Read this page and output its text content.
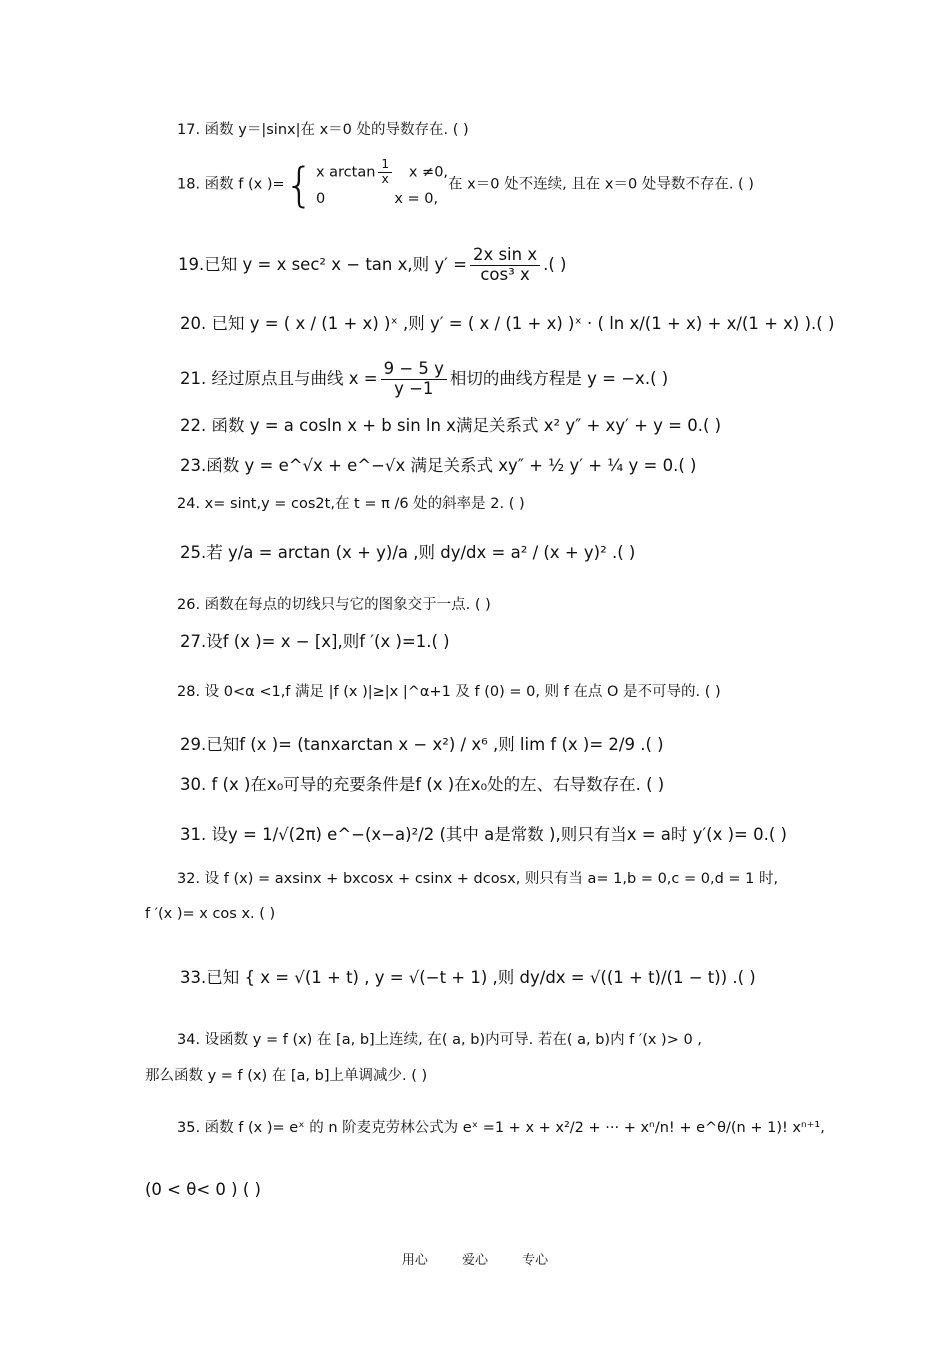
17. 函数 y＝|sinx|在 x＝0 处的导数存在. ( )
18. 函数 f (x )={ x $\arctan \frac{1}{x}$ x ≠0,
0	x = 0,
在 x＝0 处不连续, 且在 x＝0 处导数不存在. ( )
19.已知 y = x sec² x − tan x,则 $y' = \frac{\text{2x sin x}}{\text{cos³ x}}$ .( )
20. 已知 y = ( x / (1 + x) )ˣ ,则 y′ = ( x / (1 + x) )ˣ · ( ln x/(1 + x) + x/(1 + x) ).( )
21. 经过原点且与曲线 $x = \frac{9 - 5 y}{y -1}$ 相切的曲线方程是 y = −x.( )
22. 函数 y = a cosln x + b sin ln x满足关系式 x² y″ + xy′ + y = 0.( )
23.函数 y = e^√x + e^−√x 满足关系式 xy″ + ½ y′ + ¼ y = 0.( )
24. x= sint,y = cos2t,在 t = π /6 处的斜率是 2. ( )
25.若 y/a = arctan (x + y)/a ,则 dy/dx = a² / (x + y)² .( )
26. 函数在每点的切线只与它的图象交于一点. ( )
27.设f (x )= x − [x],则f ′(x )=1.( )
28. 设 0<α <1,f 满足 |f (x )|≥|x |^α+1 及 f (0) = 0, 则 f 在点 O 是不可导的. ( )
29.已知f (x )= (tanxarctan x − x²) / x⁶ ,则 lim f (x )= 2/9 .( )
30. f (x )在x₀可导的充要条件是f (x )在x₀处的左、右导数存在. ( )
31. 设y = 1/√(2π) e^−(x−a)²/2 (其中 a是常数 ),则只有当x = a时 y′(x )= 0.( )
32. 设 f (x) = axsinx + bxcosx + csinx + dcosx, 则只有当 a= 1,b = 0,c = 0,d = 1 时,
f ′(x )= x cos x. ( )
33.已知 { x = √(1 + t) , y = √(−t + 1) ,则 dy/dx = √((1 + t)/(1 − t)) .( )
34. 设函数 y = f (x) 在 [a, b]上连续, 在( a, b)内可导. 若在( a, b)内 f ′(x )> 0 ,
那么函数 y = f (x) 在 [a, b]上单调减少. ( )
35. 函数 f (x )= eˣ 的 n 阶麦克劳林公式为 eˣ =1 + x + x²/2 + ··· + xⁿ/n! + e^θ/(n + 1)! xⁿ⁺¹,
(0 < θ< 0 ) ( )
用心	爱心	专心
